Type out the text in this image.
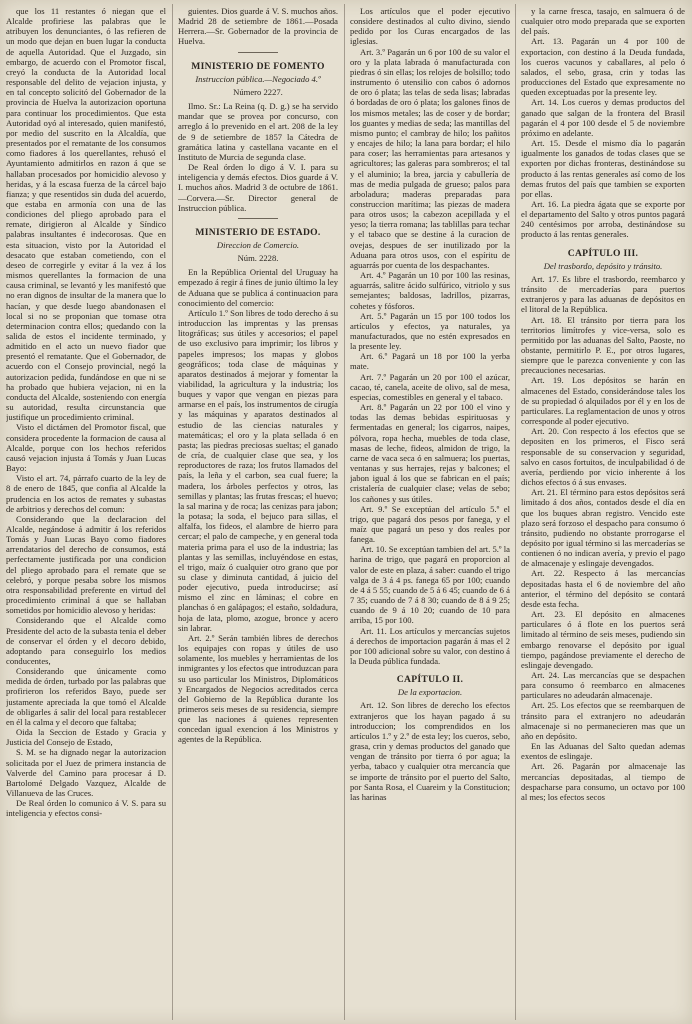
que los 11 restantes ó niegan que el Alcalde profiriese las palabras que le atribuyen los denunciantes, ó las refieren de un modo que dejan en buen lugar la conducta de aquella Autoridad. Que el Juzgado, sin embargo, de acuerdo con el Promotor fiscal, creyó la conducta de la Autoridad local responsable del delito de vejacion injusta, y en tal concepto solicitó del Gobernador de la provincia de Huelva la autorizacion oportuna para continuar los procedimientos. Que esta Autoridad oyó al interesado, quien manifestó, por medio del suscrito en la Alcaldía, que presentados por el rematante de los consumos como fiadores á los querellantes, rehusó el Ayuntamiento admitirlos en razon á que se hallaban procesados por homicidio alevoso y heridas, y á la escasa fuerza de la cárcel bajo fianza; y que resentidos sin duda del acuerdo, que estaba en armonía con una de las condiciones del pliego aprobado para el remate, dirigieron al Alcalde y Síndico palabras insultantes é indecorosas. Que en esta situacion, visto por la Autoridad el desacato que estaban cometiendo, con el deseo de corregirle y evitar á la vez á los mismos querellantes la formacion de una causa criminal, se levantó y les manifestó que no eran dignos de insultar de la manera que lo hacían, y que desde luego abandonasen el local si no se proponian que tomase otra determinacion contra ellos; quedando con la salida de estos el incidente terminado, y admitido en el acto un nuevo fiador que presentó el rematante. Que el Gobernador, de acuerdo con el Consejo provincial, negó la autorizacion pedida, fundándose en que ni se ha probado que hubiera vejacion, ni en la conducta del Alcalde, sosteniendo con energía su autoridad, resulta circunstancia que justifique un procedimiento criminal.

Visto el dictámen del Promotor fiscal, que considera procedente la formacion de causa al Alcalde, porque con los hechos referidos causó vejacion injusta á Tomás y Juan Lucas Bayo:

Visto el art. 74, párrafo cuarto de la ley de 8 de enero de 1845, que confia al Alcalde la prudencia en los actos de remates y subastas de arbitrios y derechos del comun:

Considerando que la declaracion del Alcalde, negándose á admitir á los referidos Tomás y Juan Lucas Bayo como fiadores arrendatarios del derecho de consumos, está perfectamente justificada por una condicion del pliego aprobado para el remate que se celebró, y porque pesaba sobre los mismos otra responsabilidad preferente en virtud del procedimiento criminal á que se hallaban sometidos por homicidio alevoso y heridas:

Considerando que el Alcalde como Presidente del acto de la subasta tenia el deber de conservar el órden y el decoro debido, adoptando para conseguirlo los medios conducentes,

Considerando que únicamente como medida de órden, turbado por las palabras que profirieron los referidos Bayo, puede ser justamente apreciada la que tomó el Alcalde de obligarles á salir del local para restablecer en él la calma y el decoro que faltaba;

Oida la Seccion de Estado y Gracia y Justicia del Consejo de Estado,

S. M. se ha dignado negar la autorizacion solicitada por el Juez de primera instancia de Valverde del Camino para procesar á D. Bartolomé Delgado Vazquez, Alcalde de Villanueva de las Cruces.

De Real órden lo comunico á V. S. para su inteligencia y efectos consi-

guientes. Dios guarde á V. S. muchos años. Madrid 28 de setiembre de 1861.—Posada Herrera.—Sr. Gobernador de la provincia de Huelva.

MINISTERIO DE FOMENTO
Instruccion pública.—Negociado 4.º
Número 2227.

Ilmo. Sr.: La Reina (q. D. g.) se ha servido mandar que se provea por concurso, con arreglo á lo prevenido en el art. 208 de la ley de 9 de setiembre de 1857 la Cátedra de gramática latina y castellana vacante en el Instituto de Murcia de segunda clase.

De Real órden lo digo á V. I. para su inteligencia y demás efectos. Dios guarde á V. I. muchos años. Madrid 3 de octubre de 1861.—Corvera.—Sr. Director general de Instruccion pública.

MINISTERIO DE ESTADO.
Direccion de Comercio.
Núm. 2228.

En la República Oriental del Uruguay ha empezado á regir á fines de junio último la ley de Aduana que se publica á continuacion para conocimiento del comercio:

Artículo 1.º Son libres de todo derecho á su introduccion las imprentas y las prensas litográficas; sus útiles y accesorios; el papel de uso exclusivo para imprimir; los libros y papeles impresos; los mapas y globos geográficos; toda clase de máquinas y aparatos destinados á mejorar y fomentar la viabilidad, la agricultura y la industria; los buques y vapor que vengan en piezas para armarse en el país, los instrumentos de cirugía y las máquinas y aparatos destinados al estudio de las ciencias naturales y matemáticas; el oro y la plata sellada ó en pasta; las piedras preciosas sueltas; el ganado de cría, de cualquier clase que sea, y los reproductores de raza; los frutos llamados del país, la leña y el carbon, sea cual fuere; la madera, los árboles perfectos y otros, las semillas y plantas; las frutas frescas; el huevo; la sal marina y de roca; las cenizas para jabon; la potasa; la soda, el bejuco para sillas, el alfalfa, los fideos, el alambre de hierro para cercar; el palo de campeche, y en general toda materia prima para el uso de la industria; las plantas y las semillas, incluyéndose en estas, el trigo, maíz ó cualquier otro grano que por su clase y diminuta cantidad, á juicio del poder ejecutivo, pueda introducirse; así mismo el zinc en láminas; el cobre en planchas ó en galápagos; el estaño, soldadura, hoja de lata, plomo, azogue, bronce y acero sin labrar.

Art. 2.º Serán también libres de derechos los equipajes con ropas y útiles de uso solamente, los muebles y herramientas de los inmigrantes y los efectos que introduzcan para su uso particular los Ministros, Diplomáticos y Encargados de Negocios acreditados cerca del Gobierno de la República durante los primeros seis meses de su residencia, siempre que las naciones á quienes representen concedan igual exencion á los Ministros y agentes de la República.

Los artículos que el poder ejecutivo considere destinados al culto divino, siendo pedido por los Curas encargados de las iglesias.

Art. 3.º Pagarán un 6 por 100 de su valor el oro y la plata labrada ó manufacturada con piedras ó sin ellas; los relojes de bolsillo; todo instrumento ó utensilio con cabos ó adornos de oro ó plata; las telas de seda lisas; labradas ó bordadas de oro ó plata; los galones finos de los mismos metales; las de coser y de bordar; los guantes y medias de seda; las mantillas del mismo punto; el cambray de hilo; los pañitos y encajes de hilo; la lana para bordar; el hilo para coser; las herramientas para artesanos y agricultores; las galeras para sombreros; el tal y el aluminio; la brea, jarcia y cabullería de mas de media pulgada de grueso; palos para arboladura; maderas preparadas para construccion marítima; las piezas de madera para otros usos; la cabezon acepillada y el yeso; la tierra romana; las tablillas para techar y el tabaco que se destine á la curacion de ovejas, despues de ser inutilizado por la Aduana para otros usos, con el espíritu de aguarrás por cuenta de los despachantes.

Art. 4.º Pagarán un 10 por 100 las resinas, aguarrás, salitre ácido sulfúrico, vitriolo y sus semejantes; baldosas, ladrillos, pizarras, cohetes y fósforos.

Art. 5.º Pagarán un 15 por 100 todos los artículos y efectos, ya naturales, ya manufacturados, que no estén expresados en la presente ley.

Art. 6.º Pagará un 18 por 100 la yerba mate.

Art. 7.º Pagarán un 20 por 100 el azúcar, cacao, té, canela, aceite de olivo, sal de mesa, especias, comestibles en general y el tabaco.

Art. 8.º Pagarán un 22 por 100 el vino y todas las demas bebidas espirituosas y fermentadas en general; los cigarros, naipes, pólvora, ropa hecha, muebles de toda clase, masas de leche, fideos, almidon de trigo, la carne de vaca seca ó en salmuera; los puertas, ventanas y sus herrajes, rejas y balcones; el jabon igual á los que se fabrican en el país; cristalería de cualquier clase; velas de sebo; los cañones y sus útiles.

Art. 9.º Se exceptúan del artículo 5.º el trigo, que pagará dos pesos por fanega, y el maíz que pagará un peso y dos reales por fanega.

Art. 10. Se exceptúan tambien del art. 5.º la harina de trigo, que pagará en proporcion al valor de este en plaza, á saber: cuando el trigo valga de 3 á 4 ps. fanega 65 por 100; cuando de 4 á 5 55; cuando de 5 á 6 45; cuando de 6 á 7 35; cuando de 7 á 8 30; cuando de 8 á 9 25; cuando de 9 á 10 20; cuando de 10 para arriba, 15 por 100.

Art. 11. Los artículos y mercancías sujetos á derechos de importacion pagarán á mas el 2 por 100 adicional sobre su valor, con destino á la Deuda pública fundada.

CAPÍTULO II.
De la exportacion.

Art. 12. Son libres de derecho los efectos extranjeros que los hayan pagado á su introduccion; los comprendidos en los artículos 1.º y 2.º de esta ley; los cueros, sebo, grasa, crin y demas productos del ganado que vengan de tránsito por tierra ó por agua; la yerba, tabaco y cualquier otra mercancía que se importe de tránsito por el puerto del Salto, por Santa Rosa, el Cuareim y la Constitucion; las harinas

y la carne fresca, tasajo, en salmuera ó de cualquier otro modo preparada que se exporten del país.

Art. 13. Pagarán un 4 por 100 de exportacion, con destino á la Deuda fundada, los cueros vacunos y caballares, al pelo ó salados, el sebo, grasa, crin y todas las producciones del Estado que expresamente no queden exceptuadas por la presente ley.

Art. 14. Los cueros y demas productos del ganado que salgan de la frontera del Brasil pagarán el 4 por 100 desde el 5 de noviembre próximo en adelante.

Art. 15. Desde el mismo día lo pagarán igualmente los ganados de todas clases que se exporten por dichas fronteras, destinándose su producto á las rentas generales así como de los demas frutos del país que tambien se exporten por ellas.

Art. 16. La piedra ágata que se exporte por el departamento del Salto y otros puntos pagará 240 centésimos por arroba, destinándose su producto á las rentas generales.

CAPÍTULO III.
Del trasbordo, depósito y tránsito.

Art. 17. Es libre el trasbordo, reembarco y tránsito de mercaderías para puertos extranjeros y para las aduanas de depósitos en el litoral de la República.

Art. 18. El tránsito por tierra para los territorios limítrofes y vice-versa, solo es permitido por las aduanas del Salto, Paoste, no obstante, permitirlo P. E., por otros lugares, siempre que le parezca conveniente y con las precauciones necesarias.

Art. 19. Los depósitos se harán en almacenes del Estado, considerándose tales los de su propiedad ó alquilados por él y en los de particulares. La reglamentacion de unos y otros corresponde al poder ejecutivo.

Art. 20. Con respecto á los efectos que se depositen en los primeros, el Fisco será responsable de su conservacion y seguridad, salvo en casos fortuitos, de inculpabilidad ó de avería, perdiendo por vicio inherente á los dichos efectos ó á sus envases.

Art. 21. El término para estos depósitos será limitado á dos años, contados desde el día en que los buques abran registro. Vencido este plazo será forzoso el despacho para consumo ó tránsito, pudiendo no obstante prorrogarse el depósito por igual término si las mercaderías se contienen ó no indican avería, y previo el pago de almacenaje y eslingaje devengados.

Art. 22. Respecto á las mercancías depositadas hasta el 6 de noviembre del año anterior, el término del depósito se contará desde esta fecha.

Art. 23. El depósito en almacenes particulares ó á flote en los puertos será limitado al término de seis meses, pudiendo sin embargo renovarse el depósito por igual tiempo, pagándose previamente el derecho de eslingaje devengado.

Art. 24. Las mercancías que se despachen para consumo ó reembarco en almacenes particulares no adeudarán almacenaje.

Art. 25. Los efectos que se reembarquen de tránsito para el extranjero no adeudarán almacenaje si no permanecieren mas que un año en depósito.

En las Aduanas del Salto quedan ademas exentos de eslingaje.

Art. 26. Pagarán por almacenaje las mercancías depositadas, al tiempo de despacharse para consumo, un octavo por 100 al mes; los efectos secos
